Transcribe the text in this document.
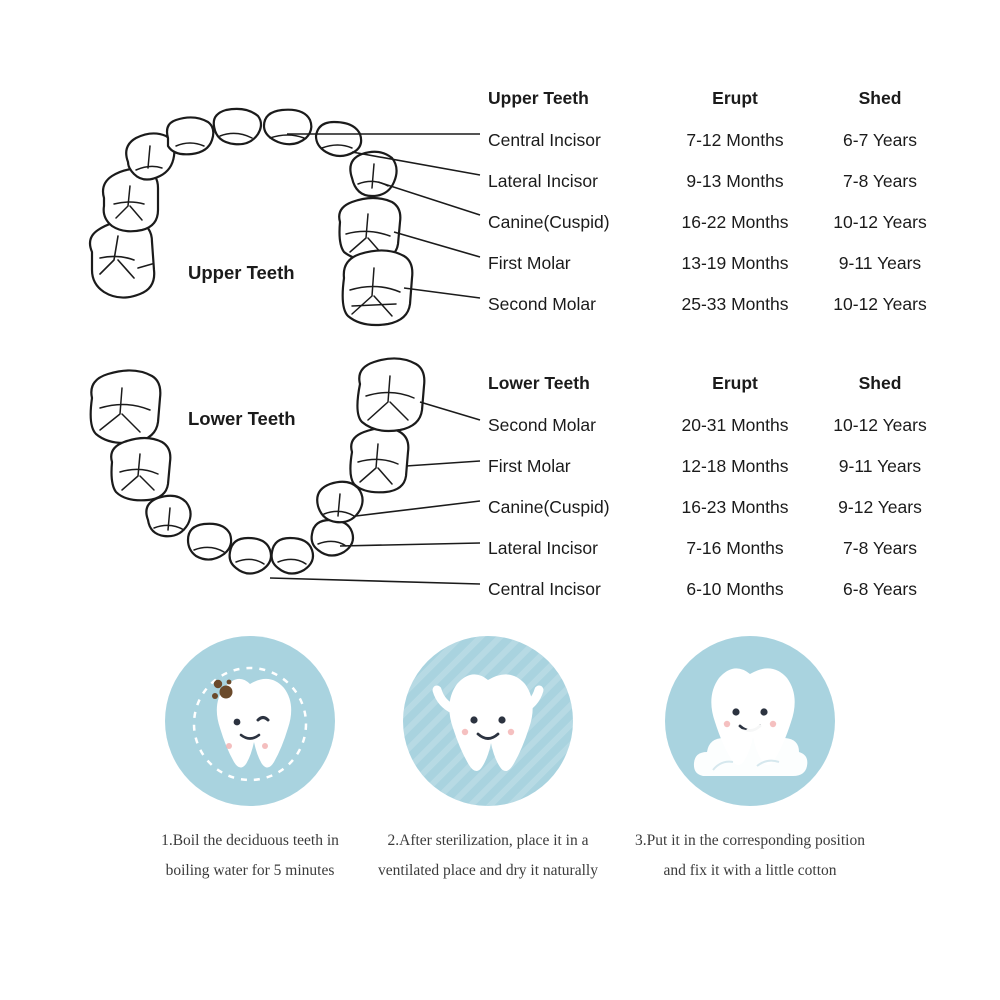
Upper Teeth
Lower Teeth
Upper Teeth	Erupt	Shed
Central Incisor	7-12 Months	6-7 Years
Lateral Incisor	9-13 Months	7-8 Years
Canine(Cuspid)	16-22 Months	10-12 Years
First Molar	13-19 Months	9-11 Years
Second Molar	25-33 Months	10-12 Years
Lower Teeth	Erupt	Shed
Second Molar	20-31 Months	10-12 Years
First Molar	12-18 Months	9-11 Years
Canine(Cuspid)	16-23 Months	9-12 Years
Lateral Incisor	7-16 Months	7-8 Years
Central Incisor	6-10 Months	6-8 Years
1.Boil the deciduous teeth in
boiling water for 5 minutes
2.After sterilization, place it in a
ventilated place and dry it naturally
3.Put it in the corresponding position
and fix it with a little cotton
